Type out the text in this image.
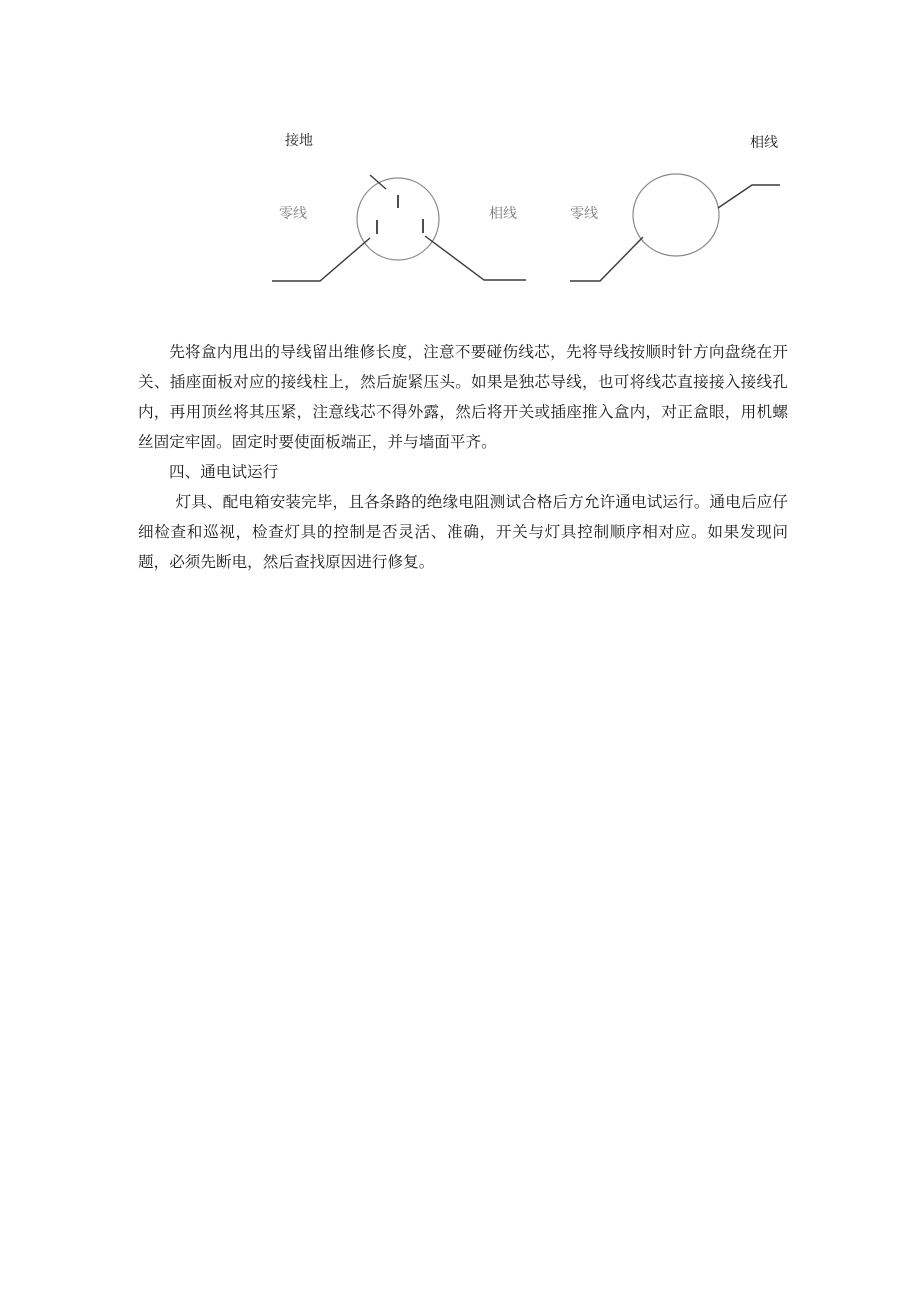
接地
零线	相线	零线
相线

先将盒内甩出的导线留出维修长度，注意不要碰伤线芯，先将导线按顺时针方向盘绕在开关、插座面板对应的接线柱上，然后旋紧压头。如果是独芯导线，也可将线芯直接接入接线孔内，再用顶丝将其压紧，注意线芯不得外露，然后将开关或插座推入盒内，对正盒眼，用机螺丝固定牢固。固定时要使面板端正，并与墙面平齐。

四、通电试运行

灯具、配电箱安装完毕，且各条路的绝缘电阻测试合格后方允许通电试运行。通电后应仔细检查和巡视，检查灯具的控制是否灵活、准确，开关与灯具控制顺序相对应。如果发现问题，必须先断电，然后查找原因进行修复。
